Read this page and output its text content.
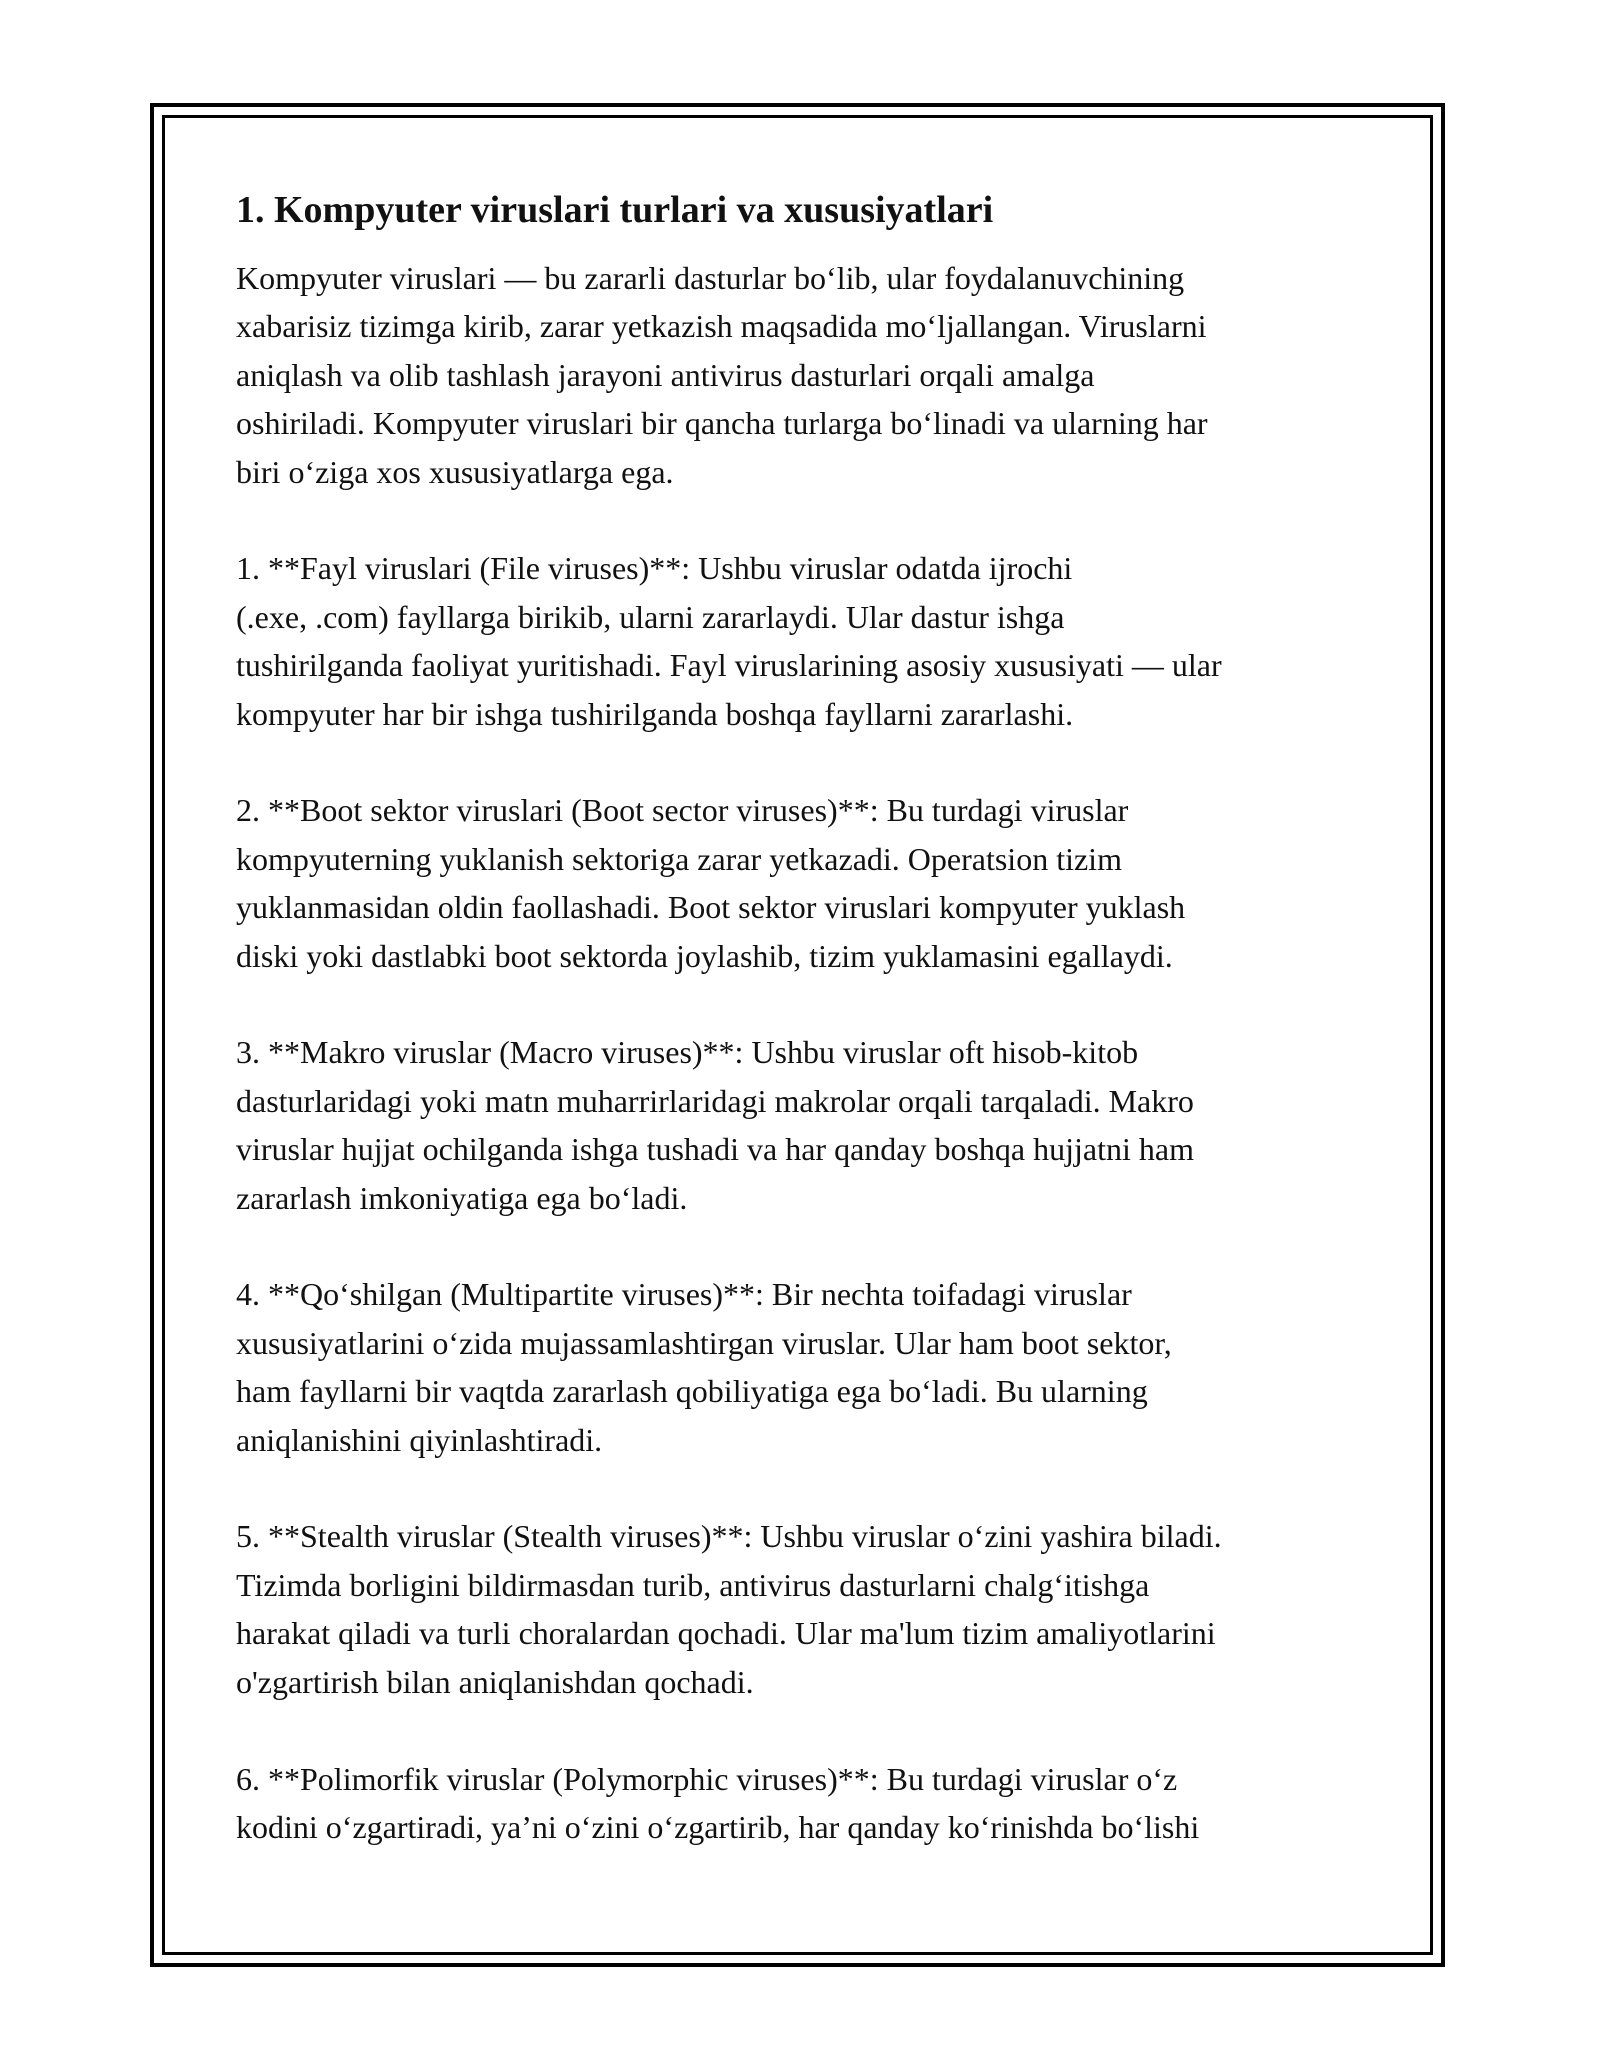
1. Kompyuter viruslari turlari va xususiyatlari
Kompyuter viruslari — bu zararli dasturlar bo‘lib, ular foydalanuvchining
xabarisiz tizimga kirib, zarar yetkazish maqsadida mo‘ljallangan. Viruslarni
aniqlash va olib tashlash jarayoni antivirus dasturlari orqali amalga
oshiriladi. Kompyuter viruslari bir qancha turlarga bo‘linadi va ularning har
biri o‘ziga xos xususiyatlarga ega.
1. **Fayl viruslari (File viruses)**: Ushbu viruslar odatda ijrochi
(.exe, .com) fayllarga birikib, ularni zararlaydi. Ular dastur ishga
tushirilganda faoliyat yuritishadi. Fayl viruslarining asosiy xususiyati — ular
kompyuter har bir ishga tushirilganda boshqa fayllarni zararlashi.
2. **Boot sektor viruslari (Boot sector viruses)**: Bu turdagi viruslar
kompyuterning yuklanish sektoriga zarar yetkazadi. Operatsion tizim
yuklanmasidan oldin faollashadi. Boot sektor viruslari kompyuter yuklash
diski yoki dastlabki boot sektorda joylashib, tizim yuklamasini egallaydi.
3. **Makro viruslar (Macro viruses)**: Ushbu viruslar oft hisob-kitob
dasturlaridagi yoki matn muharrirlaridagi makrolar orqali tarqaladi. Makro
viruslar hujjat ochilganda ishga tushadi va har qanday boshqa hujjatni ham
zararlash imkoniyatiga ega bo‘ladi.
4. **Qo‘shilgan (Multipartite viruses)**: Bir nechta toifadagi viruslar
xususiyatlarini o‘zida mujassamlashtirgan viruslar. Ular ham boot sektor,
ham fayllarni bir vaqtda zararlash qobiliyatiga ega bo‘ladi. Bu ularning
aniqlanishini qiyinlashtiradi.
5. **Stealth viruslar (Stealth viruses)**: Ushbu viruslar o‘zini yashira biladi.
Tizimda borligini bildirmasdan turib, antivirus dasturlarni chalg‘itishga
harakat qiladi va turli choralardan qochadi. Ular ma'lum tizim amaliyotlarini
o'zgartirish bilan aniqlanishdan qochadi.
6. **Polimorfik viruslar (Polymorphic viruses)**: Bu turdagi viruslar o‘z
kodini o‘zgartiradi, ya’ni o‘zini o‘zgartirib, har qanday ko‘rinishda bo‘lishi
